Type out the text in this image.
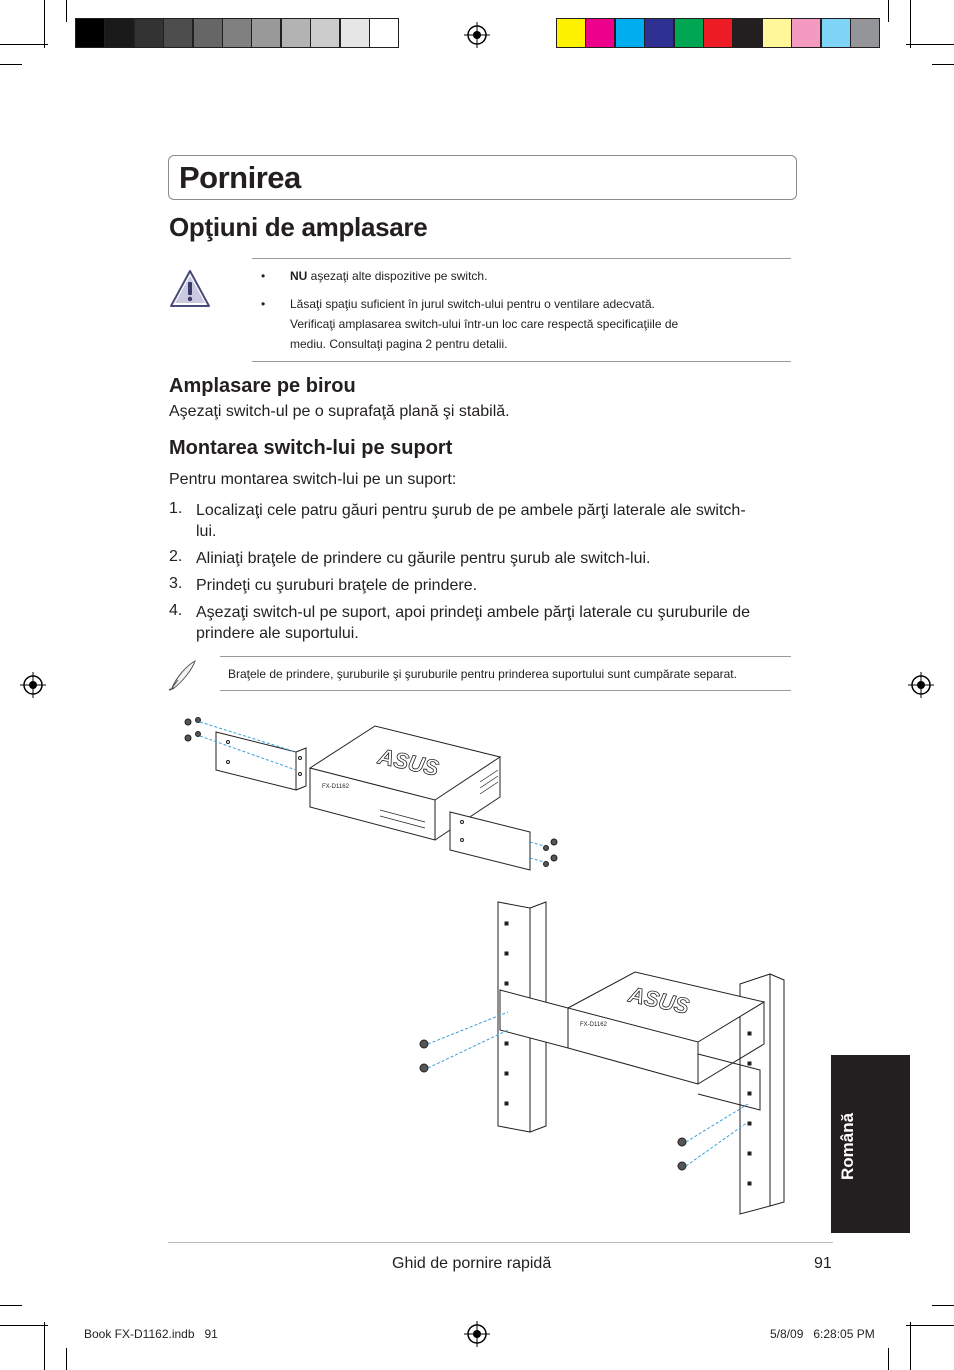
Pornirea
Opţiuni de amplasare
• NU aşezaţi alte dispozitive pe switch.
• Lăsaţi spaţiu suficient în jurul switch-ului pentru o ventilare adecvată.
Verificaţi amplasarea switch-ului într-un loc care respectă specificaţiile de
mediu. Consultaţi pagina 2 pentru detalii.
Amplasare pe birou
Aşezaţi switch-ul pe o suprafaţă plană şi stabilă.
Montarea switch-lui pe suport
Pentru montarea switch-lui pe un suport:
1. Localizaţi cele patru găuri pentru şurub de pe ambele părţi laterale ale switch-
lui.
2. Aliniaţi braţele de prindere cu găurile pentru şurub ale switch-lui.
3. Prindeţi cu şuruburi braţele de prindere.
4. Aşezaţi switch-ul pe suport, apoi prindeţi ambele părţi laterale cu şuruburile de
prindere ale suportului.
Braţele de prindere, şuruburile şi şuruburile pentru prinderea suportului sunt cumpărate separat.
ASUS
FX-D1162
ASUS
FX-D1162
Română
Ghid de pornire rapidă	91
Book FX-D1162.indb   91	5/8/09   6:28:05 PM
